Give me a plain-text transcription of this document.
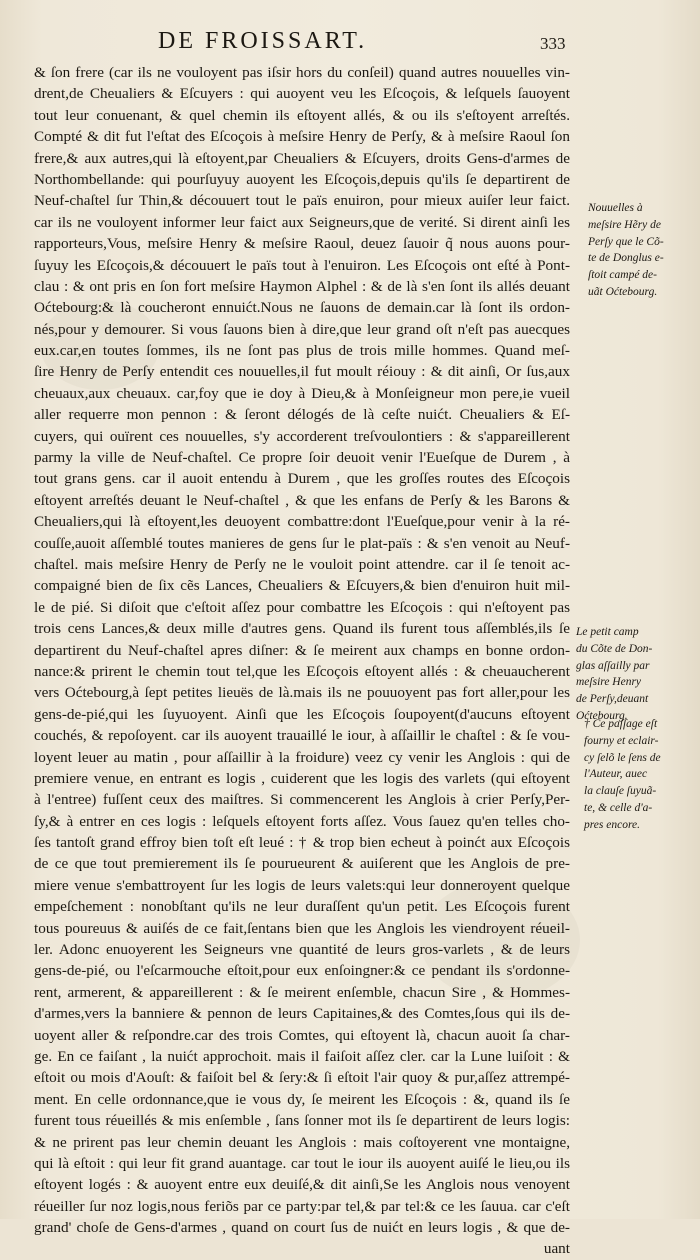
DE FROISSART.	333
& ſon frere (car ils ne vouloyent pas iſsir hors du conſeil) quand autres nouuelles vin-
drent,de Cheualiers & Eſcuyers : qui auoyent veu les Eſcoçois, & leſquels ſauoyent
tout leur conuenant, & quel chemin ils eſtoyent allés, & ou ils s'eſtoyent arreſtés.
Compté & dit fut l'eſtat des Eſcoçois à meſsire Henry de Perſy, & à meſsire Raoul ſon
frere,& aux autres,qui là eſtoyent,par Cheualiers & Eſcuyers, droits Gens-d'armes de
Northombellande: qui pourſuyuy auoyent les Eſcoçois,depuis qu'ils ſe departirent de
Neuf-chaſtel ſur Thin,& découuert tout le païs enuiron, pour mieux auiſer leur faict.
car ils ne vouloyent informer leur faict aux Seigneurs,que de verité. Si dirent ainſi les
rapporteurs,Vous, meſsire Henry & meſsire Raoul, deuez ſauoir q̃ nous auons pour-
ſuyuy les Eſcoçois,& découuert le païs tout à l'enuiron. Les Eſcoçois ont eſté à Pont-
clau : & ont pris en ſon fort meſsire Haymon Alphel : & de là s'en ſont ils allés deuant
Oćtebourg:& là coucheront ennuićt.Nous ne ſauons de demain.car là ſont ils ordon-
nés,pour y demourer. Si vous ſauons bien à dire,que leur grand oſt n'eſt pas auecques
eux.car,en toutes ſommes, ils ne ſont pas plus de trois mille hommes. Quand meſ-
ſire Henry de Perſy entendit ces nouuelles,il fut moult réiouy : & dit ainſi, Or ſus,aux
cheuaux,aux cheuaux. car,foy que ie doy à Dieu,& à Monſeigneur mon pere,ie vueil
aller requerre mon pennon : & ſeront délogés de là ceſte nuićt. Cheualiers & Eſ-
cuyers, qui ouïrent ces nouuelles, s'y accorderent treſvoulontiers : & s'appareillerent
parmy la ville de Neuf-chaſtel. Ce propre ſoir deuoit venir l'Eueſque de Durem , à
tout grans gens. car il auoit entendu à Durem , que les groſſes routes des Eſcoçois
eſtoyent arreſtés deuant le Neuf-chaſtel , & que les enfans de Perſy & les Barons &
Cheualiers,qui là eſtoyent,les deuoyent combattre:dont l'Eueſque,pour venir à la ré-
couſſe,auoit aſſemblé toutes manieres de gens ſur le plat-païs : & s'en venoit au Neuf-
chaſtel. mais meſsire Henry de Perſy ne le vouloit point attendre. car il ſe tenoit ac-
compaigné bien de ſix cẽs Lances, Cheualiers & Eſcuyers,& bien d'enuiron huit mil-
le de pié. Si diſoit que c'eſtoit aſſez pour combattre les Eſcoçois : qui n'eſtoyent pas
trois cens Lances,& deux mille d'autres gens. Quand ils furent tous aſſemblés,ils ſe
departirent du Neuf-chaſtel apres diſner: & ſe meirent aux champs en bonne ordon-
nance:& prirent le chemin tout tel,que les Eſcoçois eſtoyent allés : & cheuaucherent
vers Oćtebourg,à ſept petites lieuës de là.mais ils ne pouuoyent pas fort aller,pour les
gens-de-pié,qui les ſuyuoyent. Ainſi que les Eſcoçois ſoupoyent(d'aucuns eſtoyent
couchés, & repoſoyent. car ils auoyent trauaillé le iour, à aſſaillir le chaſtel : & ſe vou-
loyent leuer au matin , pour aſſaillir à la froidure) veez cy venir les Anglois : qui de
premiere venue, en entrant es logis , cuiderent que les logis des varlets (qui eſtoyent
à l'entree) fuſſent ceux des maiſtres. Si commencerent les Anglois à crier Perſy,Per-
ſy,& à entrer en ces logis : leſquels eſtoyent forts aſſez. Vous ſauez qu'en telles cho-
ſes tantoſt grand effroy bien toſt eſt leué : † & trop bien echeut à poinćt aux Eſcoçois
de ce que tout premierement ils ſe pourueurent & auiſerent que les Anglois de pre-
miere venue s'embattroyent ſur les logis de leurs valets:qui leur donneroyent quelque
empeſchement : nonobſtant qu'ils ne leur duraſſent qu'un petit. Les Eſcoçois furent
tous poureuus & auiſés de ce fait,ſentans bien que les Anglois les viendroyent réueil-
ler. Adonc enuoyerent les Seigneurs vne quantité de leurs gros-varlets , & de leurs
gens-de-pié, ou l'eſcarmouche eſtoit,pour eux enſoingner:& ce pendant ils s'ordonne-
rent, armerent, & appareillerent : & ſe meirent enſemble, chacun Sire , & Hommes-
d'armes,vers la banniere & pennon de leurs Capitaines,& des Comtes,ſous qui ils de-
uoyent aller & reſpondre.car des trois Comtes, qui eſtoyent là, chacun auoit ſa char-
ge. En ce faiſant , la nuićt approchoit. mais il faiſoit aſſez cler. car la Lune luiſoit : &
eſtoit ou mois d'Aouſt: & faiſoit bel & ſery:& ſi eſtoit l'air quoy & pur,aſſez attrempé-
ment. En celle ordonnance,que ie vous dy, ſe meirent les Eſcoçois : &, quand ils ſe
furent tous réueillés & mis enſemble , ſans ſonner mot ils ſe departirent de leurs logis:
& ne prirent pas leur chemin deuant les Anglois : mais coſtoyerent vne montaigne,
qui là eſtoit : qui leur fit grand auantage. car tout le iour ils auoyent auiſé le lieu,ou ils
eſtoyent logés : & auoyent entre eux deuiſé,& dit ainſi,Se les Anglois nous venoyent
réueiller ſur noz logis,nous feriõs par ce party:par tel,& par tel:& ce les ſauua. car c'eſt
grand' choſe de Gens-d'armes , quand on court ſus de nuićt en leurs logis , & que de-
uant
Nouuelles à
meſsire Hẽry de
Perſy que le Cõ-
te de Donglus e-
ſtoit campé de-
uãt Oćtebourg.
Le petit camp
du Cõte de Don-
glas aſſailly par
meſsire Henry
de Perſy,deuant
Oćtebourg.
† Ce paſſage eſt
fourny et eclair-
cy ſelõ le ſens de
l'Auteur, auec
la clauſe ſuyuã-
te, & celle d'a-
pres encore.
